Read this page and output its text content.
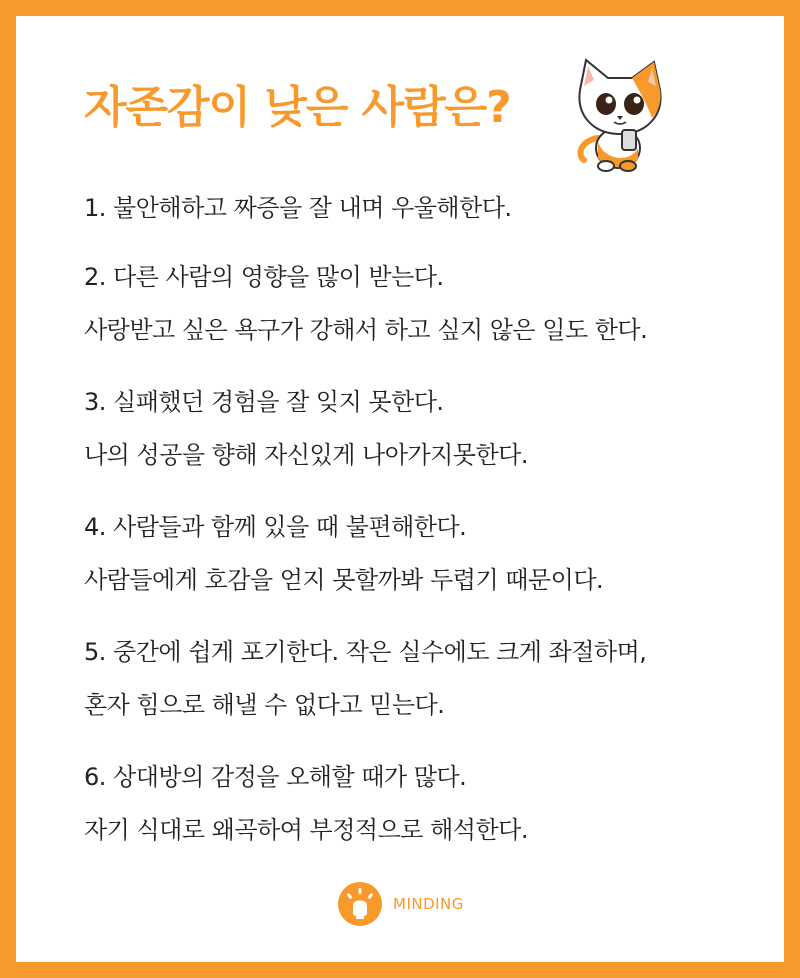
자존감이 낮은 사람은?
1. 불안해하고 짜증을 잘 내며 우울해한다.
2. 다른 사람의 영향을 많이 받는다.
사랑받고 싶은 욕구가 강해서 하고 싶지 않은 일도 한다.
3. 실패했던 경험을 잘 잊지 못한다.
나의 성공을 향해 자신있게 나아가지못한다.
4. 사람들과 함께 있을 때 불편해한다.
사람들에게 호감을 얻지 못할까봐 두렵기 때문이다.
5. 중간에 쉽게 포기한다. 작은 실수에도 크게 좌절하며,
혼자 힘으로 해낼 수 없다고 믿는다.
6. 상대방의 감정을 오해할 때가 많다.
자기 식대로 왜곡하여 부정적으로 해석한다.
MINDING
